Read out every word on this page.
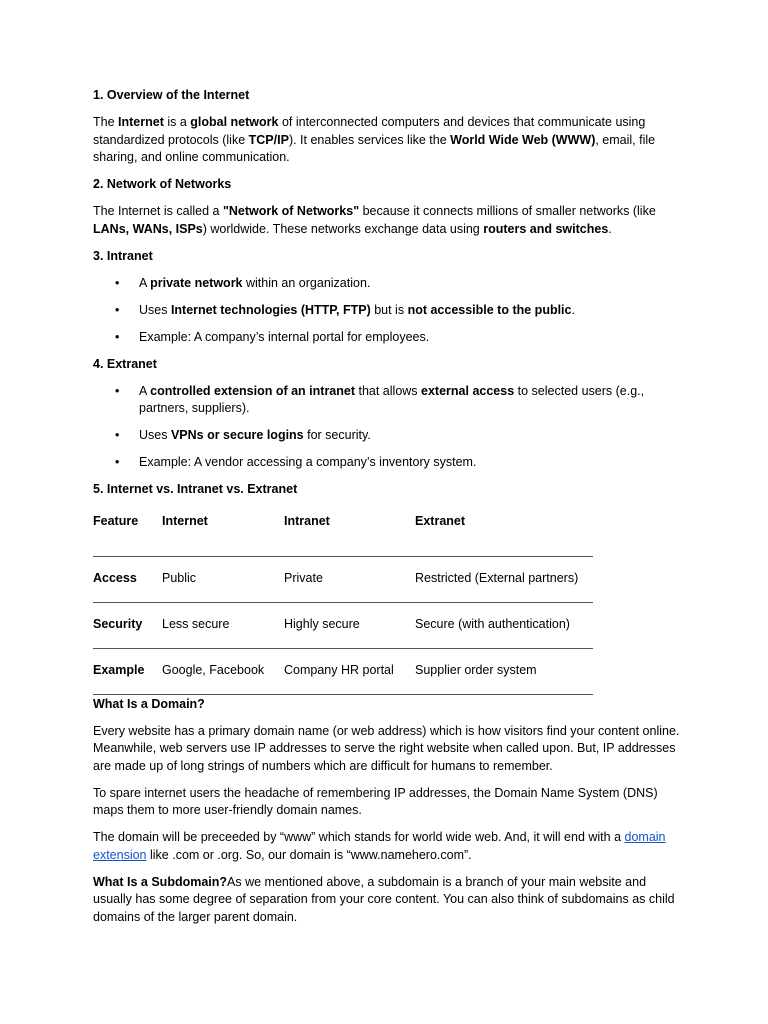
1. Overview of the Internet

The Internet is a global network of interconnected computers and devices that communicate using standardized protocols (like TCP/IP). It enables services like the World Wide Web (WWW), email, file sharing, and online communication.

2. Network of Networks

The Internet is called a "Network of Networks" because it connects millions of smaller networks (like LANs, WANs, ISPs) worldwide. These networks exchange data using routers and switches.

3. Intranet

• A private network within an organization.
• Uses Internet technologies (HTTP, FTP) but is not accessible to the public.
• Example: A company’s internal portal for employees.

4. Extranet

• A controlled extension of an intranet that allows external access to selected users (e.g., partners, suppliers).
• Uses VPNs or secure logins for security.
• Example: A vendor accessing a company’s inventory system.

5. Internet vs. Intranet vs. Extranet

Feature	Internet	Intranet	Extranet
Access	Public	Private	Restricted (External partners)
Security	Less secure	Highly secure	Secure (with authentication)
Example	Google, Facebook	Company HR portal	Supplier order system

What Is a Domain?

Every website has a primary domain name (or web address) which is how visitors find your content online. Meanwhile, web servers use IP addresses to serve the right website when called upon. But, IP addresses are made up of long strings of numbers which are difficult for humans to remember.

To spare internet users the headache of remembering IP addresses, the Domain Name System (DNS) maps them to more user-friendly domain names.

The domain will be preceeded by “www” which stands for world wide web. And, it will end with a domain extension like .com or .org. So, our domain is “www.namehero.com”.

What Is a Subdomain?As we mentioned above, a subdomain is a branch of your main website and usually has some degree of separation from your core content. You can also think of subdomains as child domains of the larger parent domain.
